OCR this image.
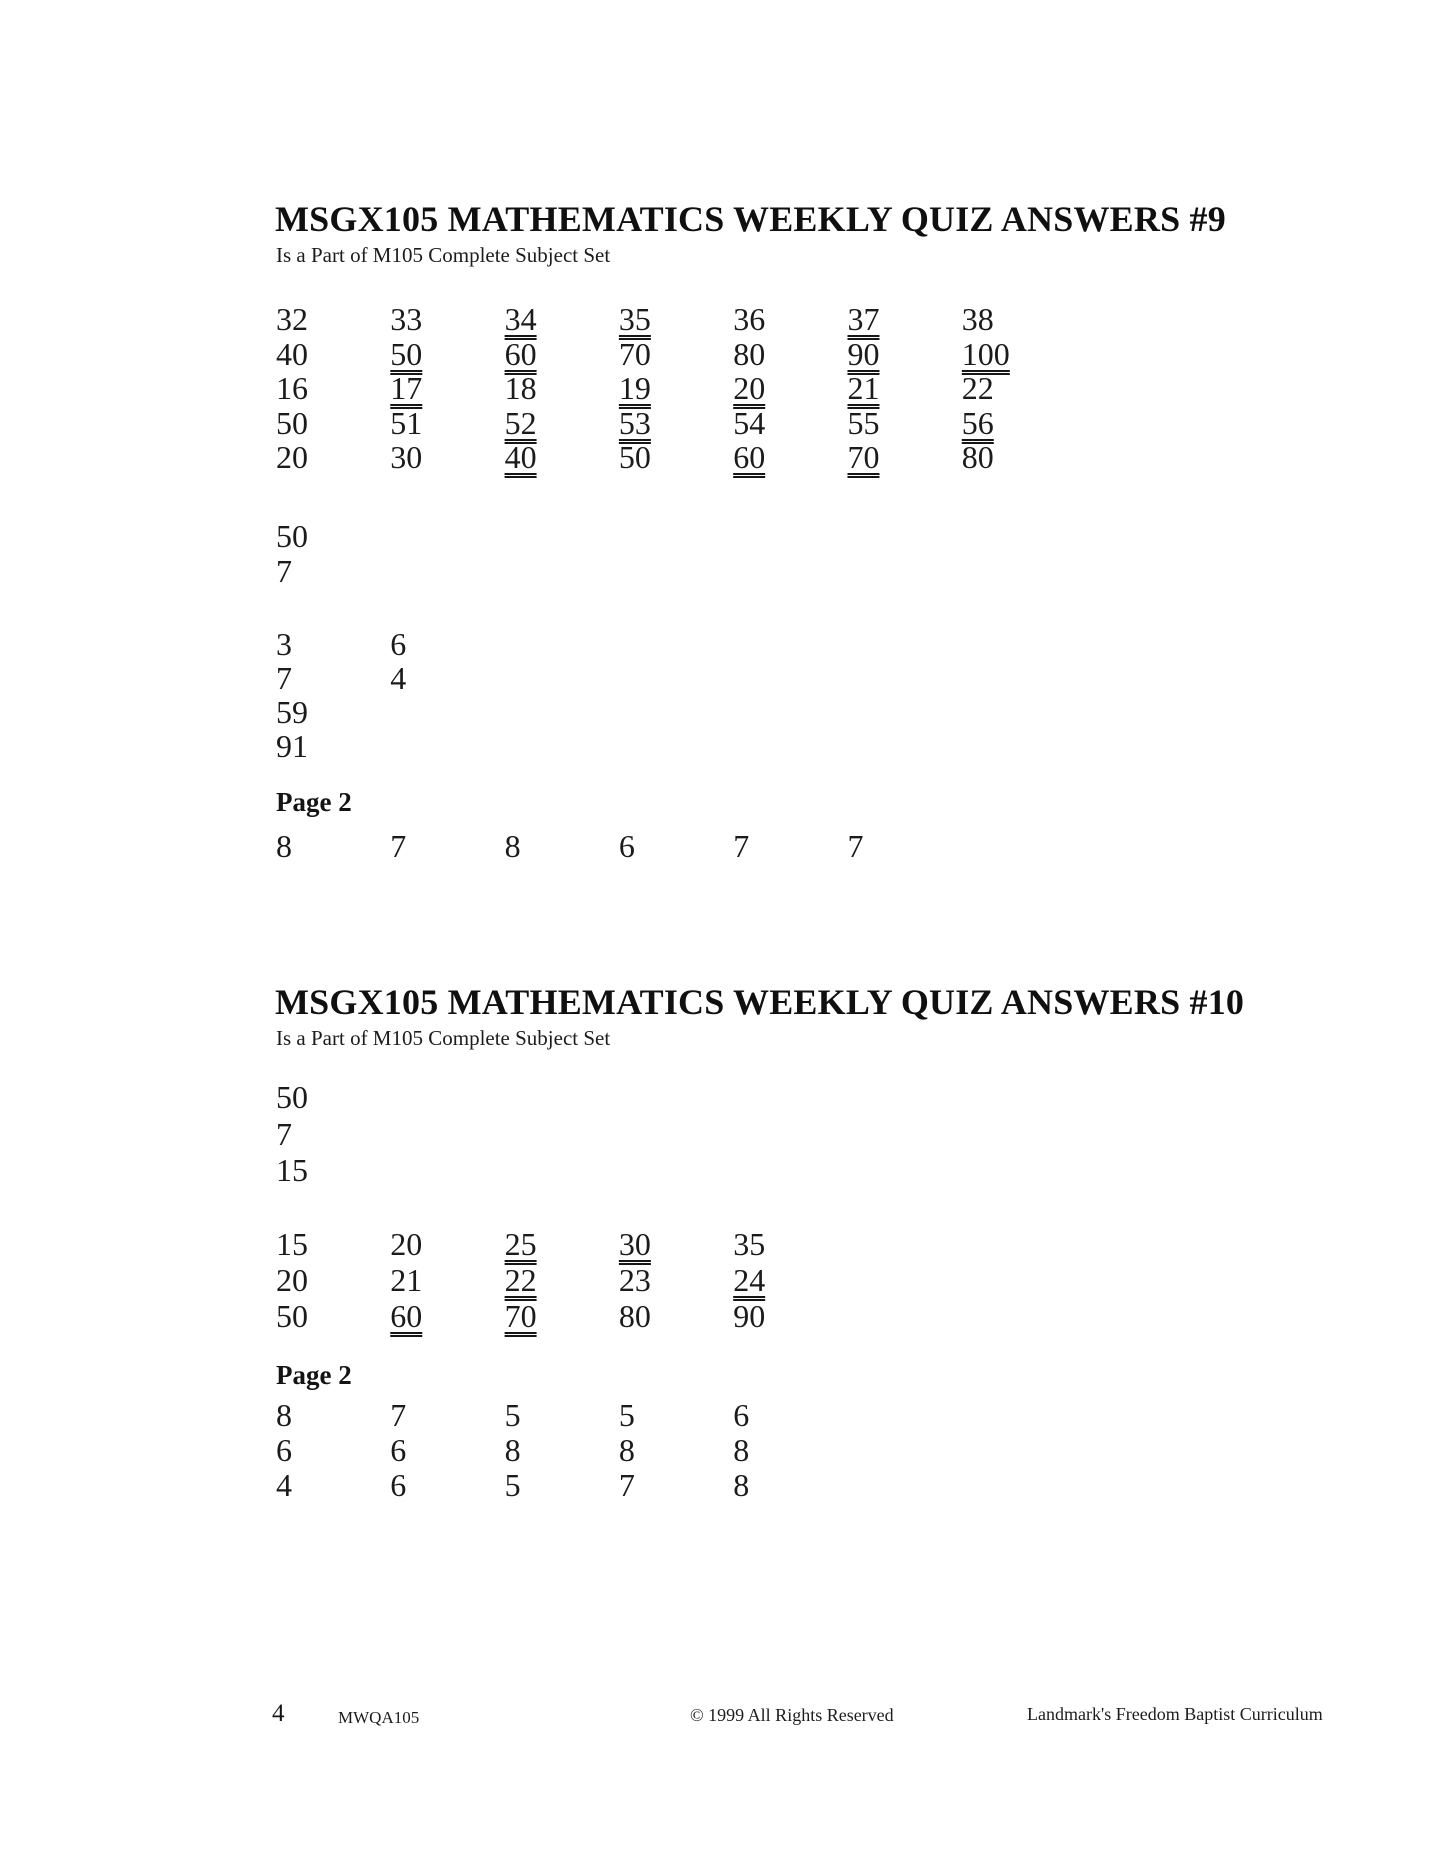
MSGX105 MATHEMATICS WEEKLY QUIZ ANSWERS #9
Is a Part of M105 Complete Subject Set
32	33	34	35	36	37	38
40	50	60	70	80	90	100
16	17	18	19	20	21	22
50	51	52	53	54	55	56
20	30	40	50	60	70	80
50
7
3	6
7	4
59
91
Page 2
8	7	8	6	7	7
MSGX105 MATHEMATICS WEEKLY QUIZ ANSWERS #10
Is a Part of M105 Complete Subject Set
50
7
15
15	20	25	30	35
20	21	22	23	24
50	60	70	80	90
Page 2
8	7	5	5	6
6	6	8	8	8
4	6	5	7	8
4	MWQA105	© 1999 All Rights Reserved	Landmark's Freedom Baptist Curriculum
